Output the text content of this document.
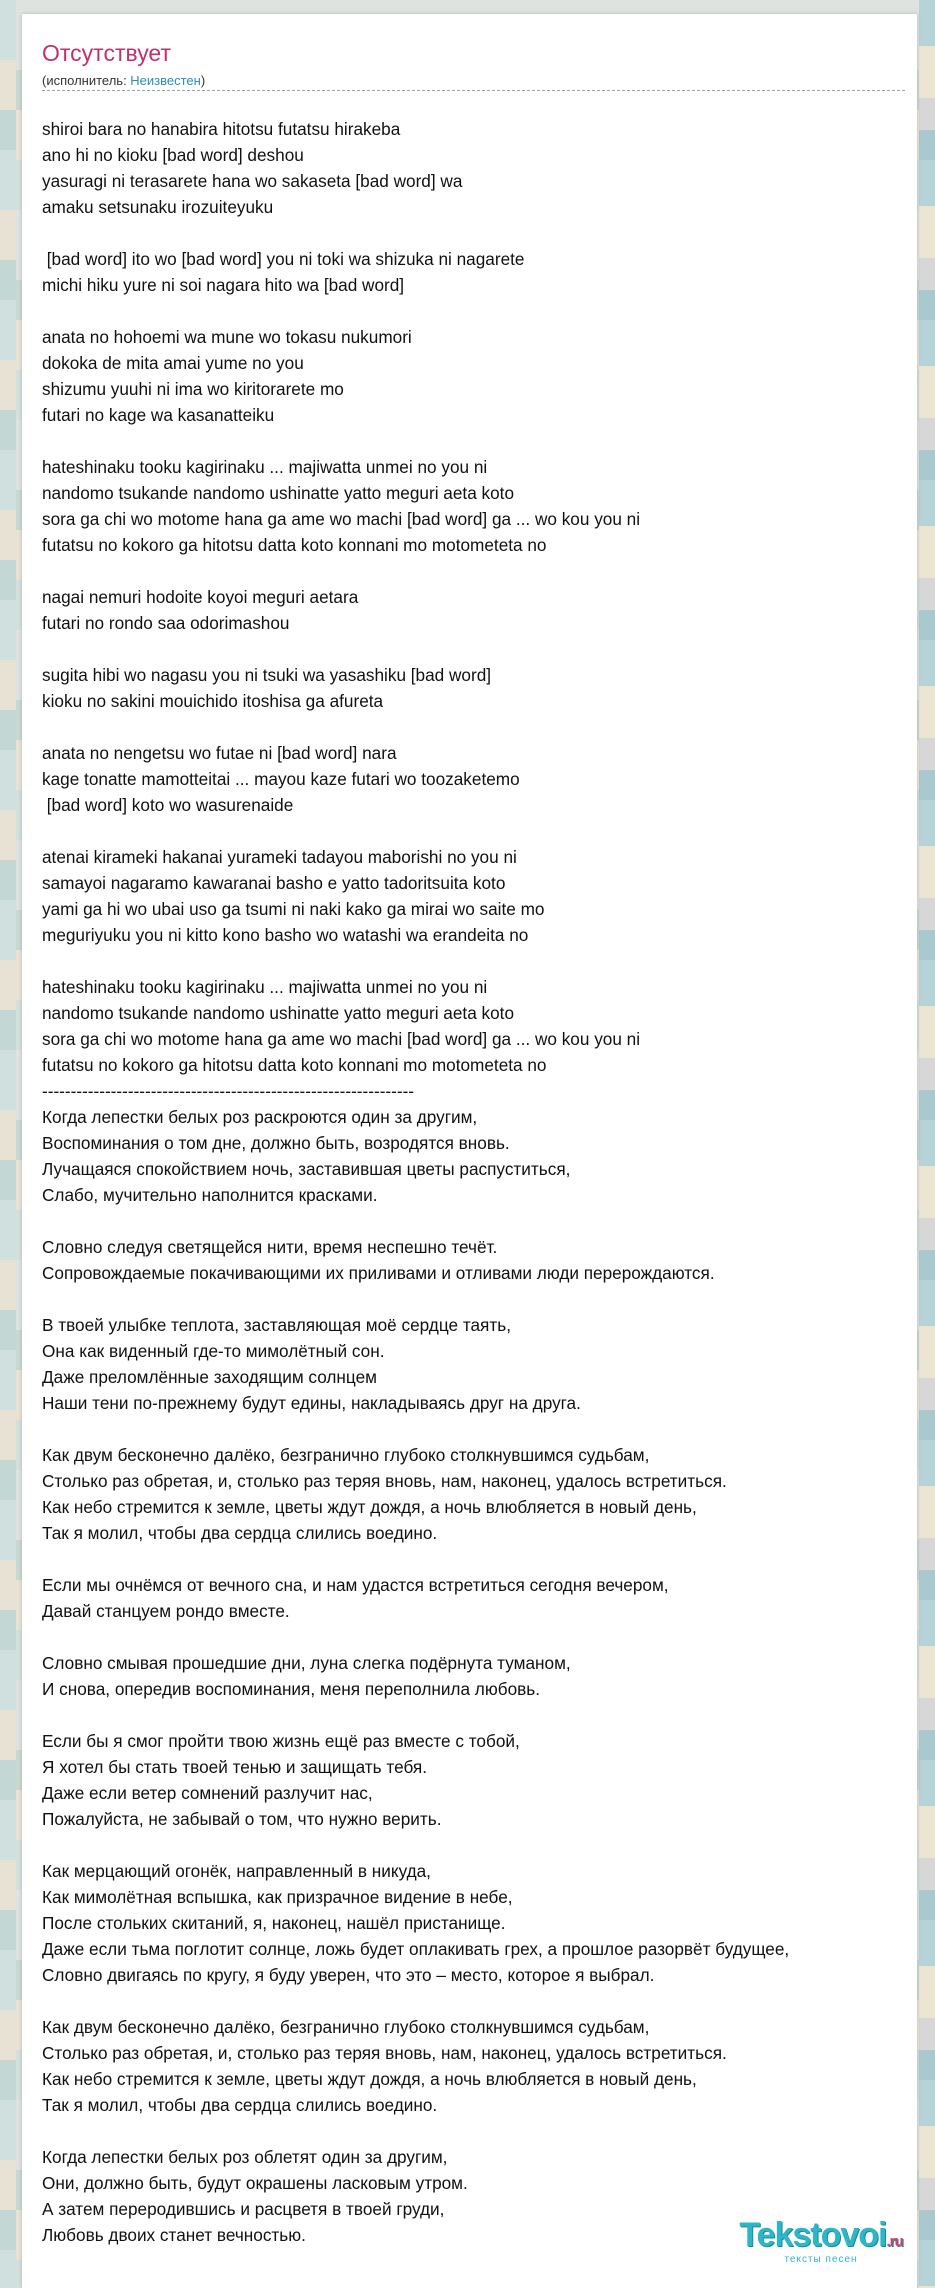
Отсутствует
(исполнитель: Неизвестен)
shiroi bara no hanabira hitotsu futatsu hirakeba
ano hi no kioku [bad word] deshou
yasuragi ni terasarete hana wo sakaseta [bad word] wa
amaku setsunaku irozuiteyuku

[bad word] ito wo [bad word] you ni toki wa shizuka ni nagarete
michi hiku yure ni soi nagara hito wa [bad word]

anata no hohoemi wa mune wo tokasu nukumori
dokoka de mita amai yume no you
shizumu yuuhi ni ima wo kiritorarete mo
futari no kage wa kasanatteiku

hateshinaku tooku kagirinaku ... majiwatta unmei no you ni
nandomo tsukande nandomo ushinatte yatto meguri aeta koto
sora ga chi wo motome hana ga ame wo machi [bad word] ga ... wo kou you ni
futatsu no kokoro ga hitotsu datta koto konnani mo motometeta no

nagai nemuri hodoite koyoi meguri aetara
futari no rondo saa odorimashou

sugita hibi wo nagasu you ni tsuki wa yasashiku [bad word]
kioku no sakini mouichido itoshisa ga afureta

anata no nengetsu wo futae ni [bad word] nara
kage tonatte mamotteitai ... mayou kaze futari wo toozaketemo
[bad word] koto wo wasurenaide

atenai kirameki hakanai yurameki tadayou maborishi no you ni
samayoi nagaramo kawaranai basho e yatto tadoritsuita koto
yami ga hi wo ubai uso ga tsumi ni naki kako ga mirai wo saite mo
meguriyuku you ni kitto kono basho wo watashi wa erandeita no

hateshinaku tooku kagirinaku ... majiwatta unmei no you ni
nandomo tsukande nandomo ushinatte yatto meguri aeta koto
sora ga chi wo motome hana ga ame wo machi [bad word] ga ... wo kou you ni
futatsu no kokoro ga hitotsu datta koto konnani mo motometeta no
-----------------------------------------------------------------
Когда лепестки белых роз раскроются один за другим,
Воспоминания о том дне, должно быть, возродятся вновь.
Лучащаяся спокойствием ночь, заставившая цветы распуститься,
Слабо, мучительно наполнится красками.

Словно следуя светящейся нити, время неспешно течёт.
Сопровождаемые покачивающими их приливами и отливами люди перерождаются.

В твоей улыбке теплота, заставляющая моё сердце таять,
Она как виденный где-то мимолётный сон.
Даже преломлённые заходящим солнцем
Наши тени по-прежнему будут едины, накладываясь друг на друга.

Как двум бесконечно далёко, безгранично глубоко столкнувшимся судьбам,
Столько раз обретая, и, столько раз теряя вновь, нам, наконец, удалось встретиться.
Как небо стремится к земле, цветы ждут дождя, а ночь влюбляется в новый день,
Так я молил, чтобы два сердца слились воедино.

Если мы очнёмся от вечного сна, и нам удастся встретиться сегодня вечером,
Давай станцуем рондо вместе.

Словно смывая прошедшие дни, луна слегка подёрнута туманом,
И снова, опередив воспоминания, меня переполнила любовь.

Если бы я смог пройти твою жизнь ещё раз вместе с тобой,
Я хотел бы стать твоей тенью и защищать тебя.
Даже если ветер сомнений разлучит нас,
Пожалуйста, не забывай о том, что нужно верить.

Как мерцающий огонёк, направленный в никуда,
Как мимолётная вспышка, как призрачное видение в небе,
После стольких скитаний, я, наконец, нашёл пристанище.
Даже если тьма поглотит солнце, ложь будет оплакивать грех, а прошлое разорвёт будущее,
Словно двигаясь по кругу, я буду уверен, что это – место, которое я выбрал.

Как двум бесконечно далёко, безгранично глубоко столкнувшимся судьбам,
Столько раз обретая, и, столько раз теряя вновь, нам, наконец, удалось встретиться.
Как небо стремится к земле, цветы ждут дождя, а ночь влюбляется в новый день,
Так я молил, чтобы два сердца слились воедино.

Когда лепестки белых роз облетят один за другим,
Они, должно быть, будут окрашены ласковым утром.
А затем переродившись и расцветя в твоей груди,
Любовь двоих станет вечностью.	Tekstovoi.ru
тексты песен
